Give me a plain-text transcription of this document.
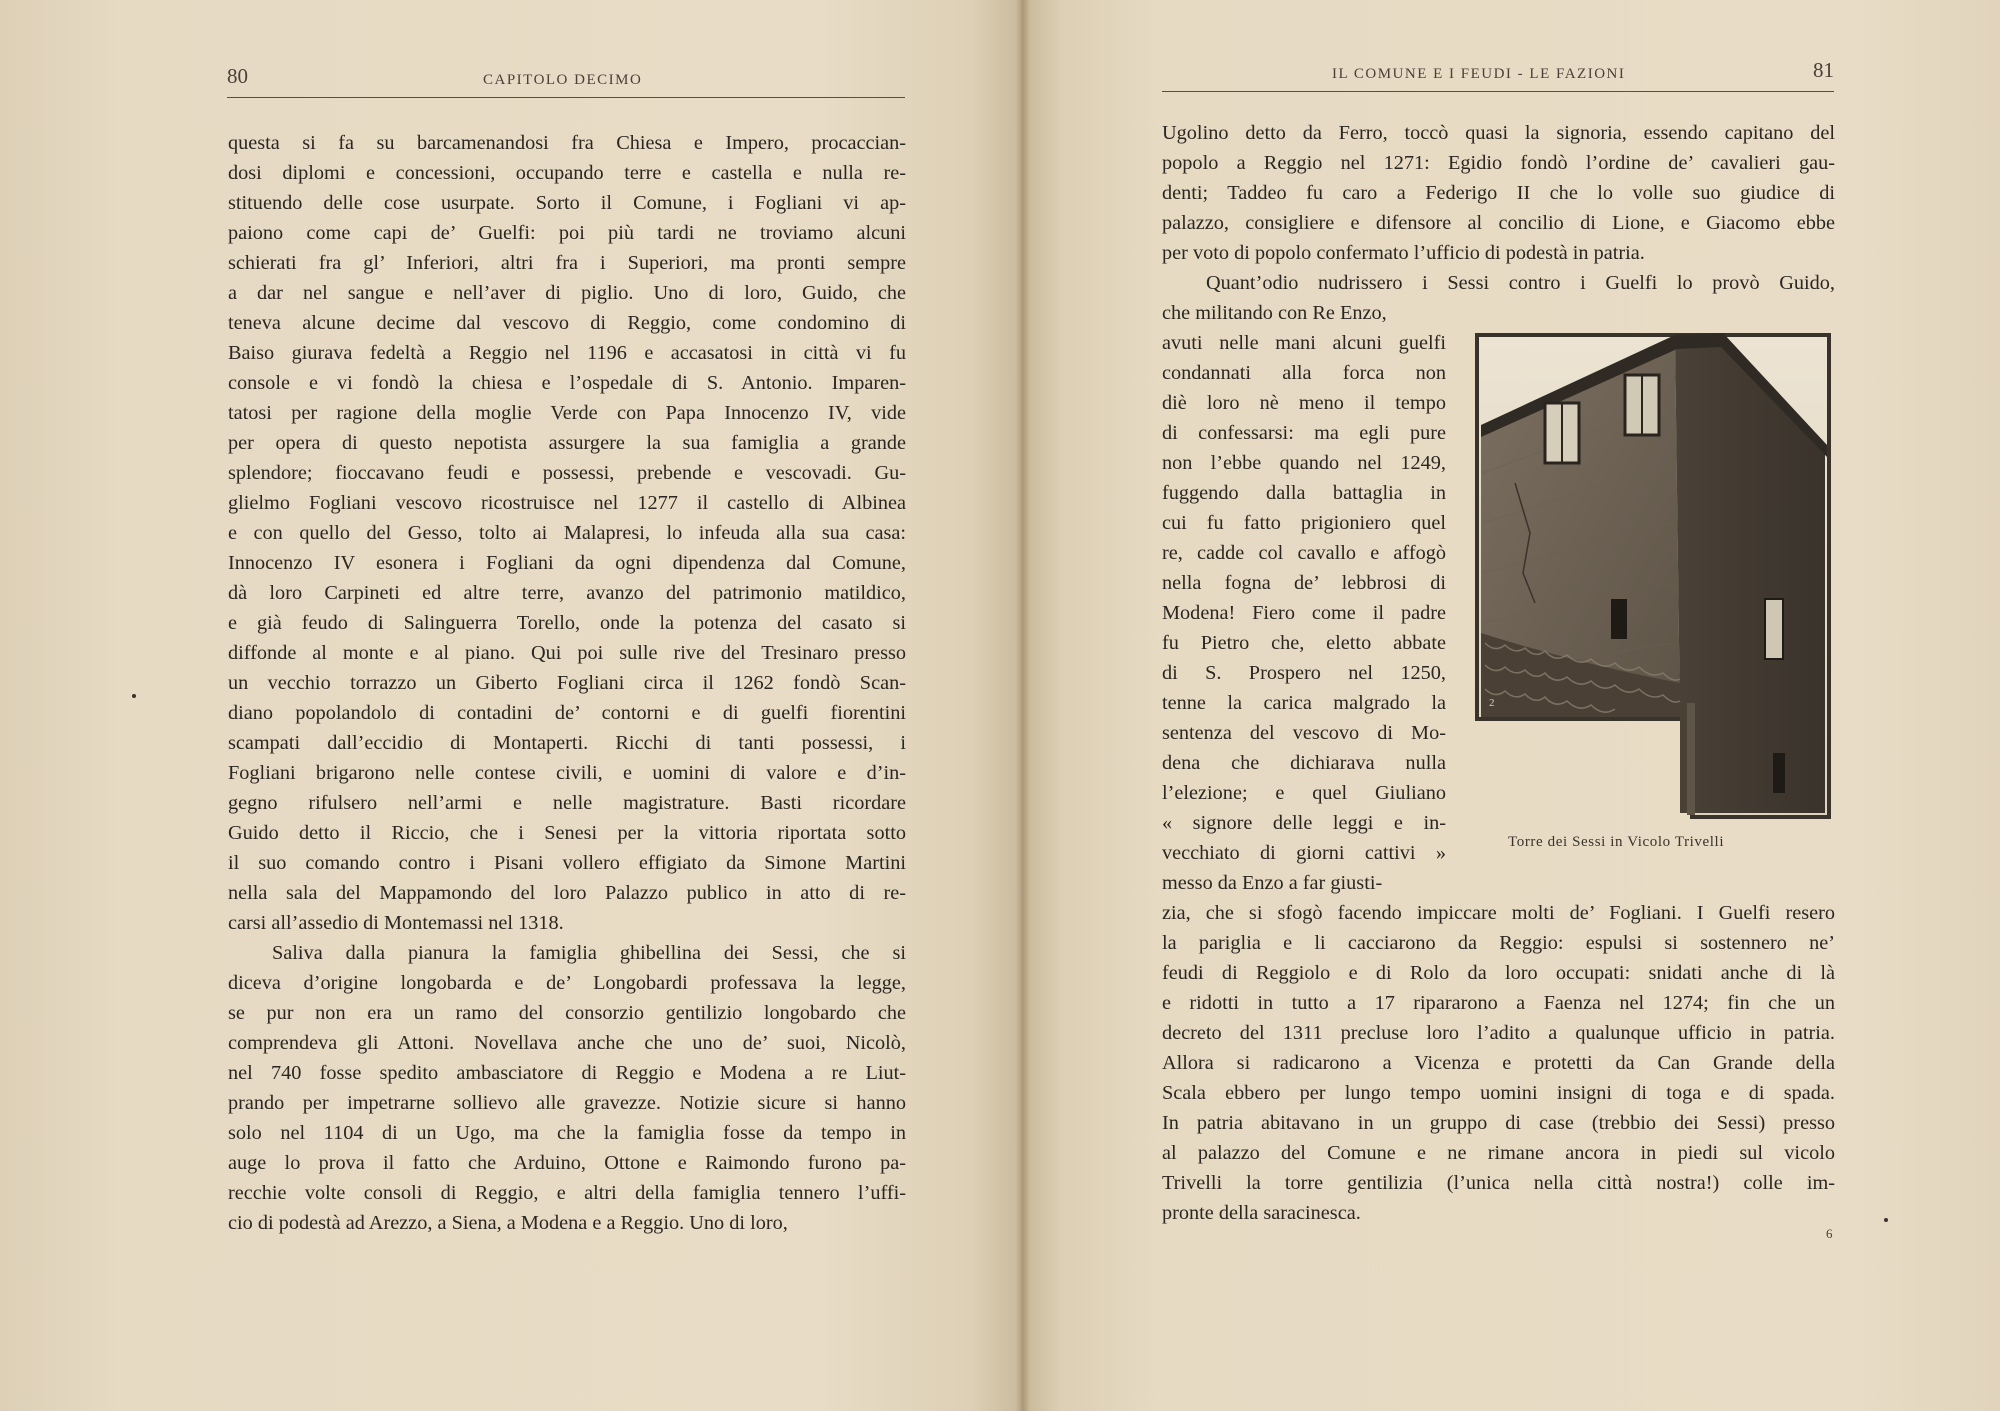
80	CAPITOLO DECIMO	IL COMUNE E I FEUDI - LE FAZIONI	81
questa si fa su barcamenandosi fra Chiesa e Impero, procaccian-
dosi diplomi e concessioni, occupando terre e castella e nulla re-
stituendo delle cose usurpate. Sorto il Comune, i Fogliani vi ap-
paiono come capi de’ Guelfi: poi più tardi ne troviamo alcuni
schierati fra gl’ Inferiori, altri fra i Superiori, ma pronti sempre
a dar nel sangue e nell’aver di piglio. Uno di loro, Guido, che
teneva alcune decime dal vescovo di Reggio, come condomino di
Baiso giurava fedeltà a Reggio nel 1196 e accasatosi in città vi fu
console e vi fondò la chiesa e l’ospedale di S. Antonio. Imparen-
tatosi per ragione della moglie Verde con Papa Innocenzo IV, vide
per opera di questo nepotista assurgere la sua famiglia a grande
splendore; fioccavano feudi e possessi, prebende e vescovadi. Gu-
glielmo Fogliani vescovo ricostruisce nel 1277 il castello di Albinea
e con quello del Gesso, tolto ai Malapresi, lo infeuda alla sua casa:
Innocenzo IV esonera i Fogliani da ogni dipendenza dal Comune,
dà loro Carpineti ed altre terre, avanzo del patrimonio matildico,
e già feudo di Salinguerra Torello, onde la potenza del casato si
diffonde al monte e al piano. Qui poi sulle rive del Tresinaro presso
un vecchio torrazzo un Giberto Fogliani circa il 1262 fondò Scan-
diano popolandolo di contadini de’ contorni e di guelfi fiorentini
scampati dall’eccidio di Montaperti. Ricchi di tanti possessi, i
Fogliani brigarono nelle contese civili, e uomini di valore e d’in-
gegno rifulsero nell’armi e nelle magistrature. Basti ricordare
Guido detto il Riccio, che i Senesi per la vittoria riportata sotto
il suo comando contro i Pisani vollero effigiato da Simone Martini
nella sala del Mappamondo del loro Palazzo publico in atto di re-
carsi all’assedio di Montemassi nel 1318.
Saliva dalla pianura la famiglia ghibellina dei Sessi, che si
diceva d’origine longobarda e de’ Longobardi professava la legge,
se pur non era un ramo del consorzio gentilizio longobardo che
comprendeva gli Attoni. Novellava anche che uno de’ suoi, Nicolò,
nel 740 fosse spedito ambasciatore di Reggio e Modena a re Liut-
prando per impetrarne sollievo alle gravezze. Notizie sicure si hanno
solo nel 1104 di un Ugo, ma che la famiglia fosse da tempo in
auge lo prova il fatto che Arduino, Ottone e Raimondo furono pa-
recchie volte consoli di Reggio, e altri della famiglia tennero l’uffi-
cio di podestà ad Arezzo, a Siena, a Modena e a Reggio. Uno di loro,
Ugolino detto da Ferro, toccò quasi la signoria, essendo capitano del
popolo a Reggio nel 1271: Egidio fondò l’ordine de’ cavalieri gau-
denti; Taddeo fu caro a Federigo II che lo volle suo giudice di
palazzo, consigliere e difensore al concilio di Lione, e Giacomo ebbe
per voto di popolo confermato l’ufficio di podestà in patria.
Quant’odio nudrissero i Sessi contro i Guelfi lo provò Guido,
che militando con Re Enzo,
avuti nelle mani alcuni guelfi
condannati alla forca non
diè loro nè meno il tempo
di confessarsi: ma egli pure
non l’ebbe quando nel 1249,
fuggendo dalla battaglia in
cui fu fatto prigioniero quel
re, cadde col cavallo e affogò
nella fogna de’ lebbrosi di
Modena! Fiero come il padre
fu Pietro che, eletto abbate
di S. Prospero nel 1250,
tenne la carica malgrado la
sentenza del vescovo di Mo-
dena che dichiarava nulla
l’elezione; e quel Giuliano
« signore delle leggi e in-
vecchiato di giorni cattivi »
messo da Enzo a far giusti-
zia, che si sfogò facendo impiccare molti de’ Fogliani. I Guelfi resero
la pariglia e li cacciarono da Reggio: espulsi si sostennero ne’
feudi di Reggiolo e di Rolo da loro occupati: snidati anche di là
e ridotti in tutto a 17 ripararono a Faenza nel 1274; fin che un
decreto del 1311 precluse loro l’adito a qualunque ufficio in patria.
Allora si radicarono a Vicenza e protetti da Can Grande della
Scala ebbero per lungo tempo uomini insigni di toga e di spada.
In patria abitavano in un gruppo di case (trebbio dei Sessi) presso
al palazzo del Comune e ne rimane ancora in piedi sul vicolo
Trivelli la torre gentilizia (l’unica nella città nostra!) colle im-
pronte della saracinesca.
2
Torre dei Sessi in Vicolo Trivelli
6
